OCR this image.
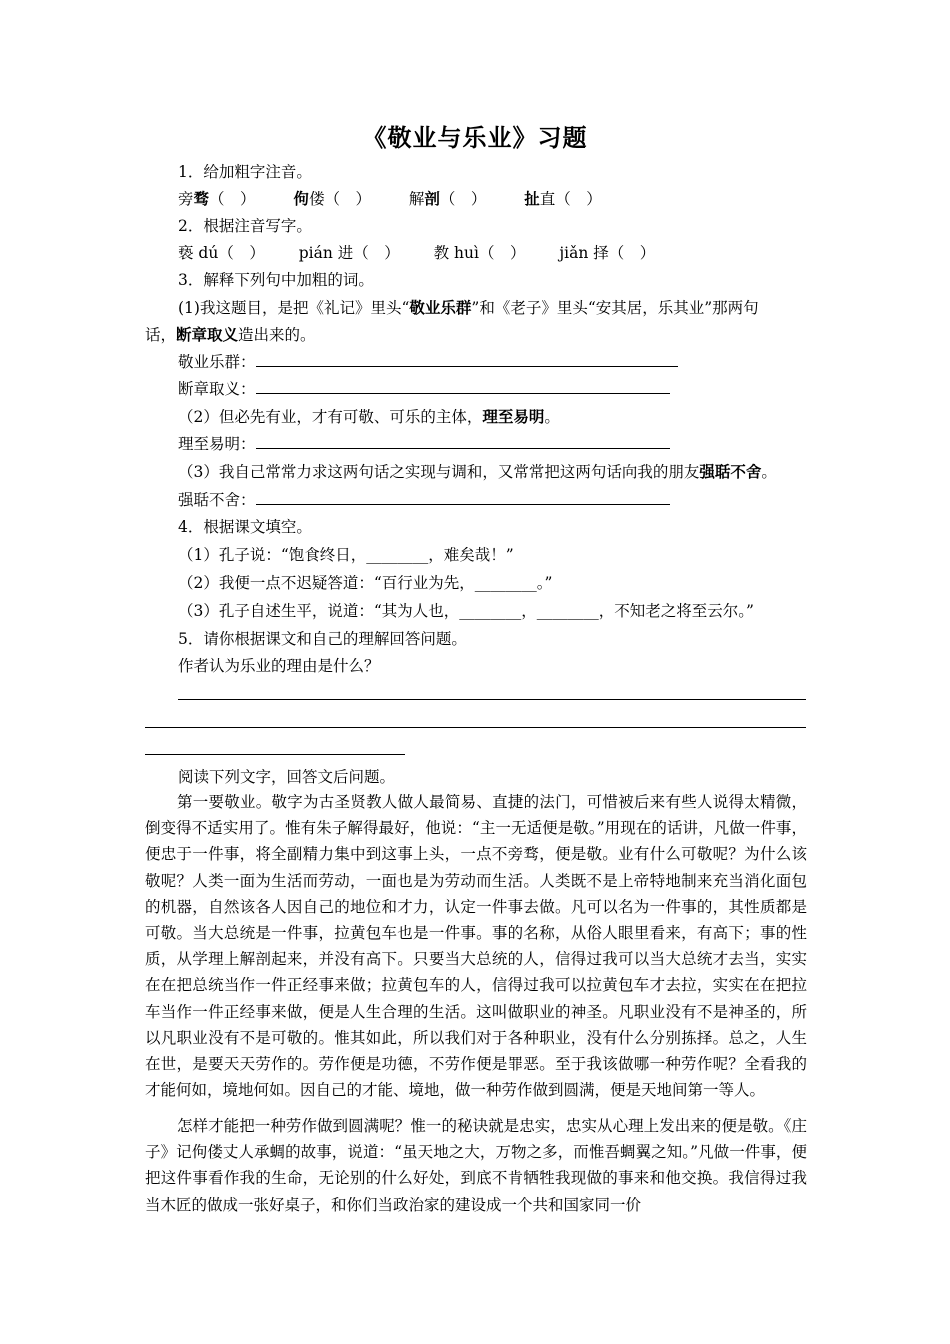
《敬业与乐业》习题
1．给加粗字注音。
旁骛（　） 佝偻（　） 解剖（　） 扯直（　）
2．根据注音写字。
亵 dú（　） pián 进（　） 教 huì（　） jiǎn 择（　）
3．解释下列句中加粗的词。
(1)我这题目，是把《礼记》里头“敬业乐群”和《老子》里头“安其居，乐其业”那两句
话，断章取义造出来的。
敬业乐群：
断章取义：
（2）但必先有业，才有可敬、可乐的主体，理至易明。
理至易明：
（3）我自己常常力求这两句话之实现与调和，又常常把这两句话向我的朋友强聒不舍。
强聒不舍：
4．根据课文填空。
（1）孔子说：“饱食终日，________，难矣哉！”
（2）我便一点不迟疑答道：“百行业为先，________。”
（3）孔子自述生平，说道：“其为人也，________，________，不知老之将至云尔。”
5．请你根据课文和自己的理解回答问题。
作者认为乐业的理由是什么？
阅读下列文字，回答文后问题。
第一要敬业。敬字为古圣贤教人做人最简易、直捷的法门，可惜被后来有些人说得太精微，倒变得不适实用了。惟有朱子解得最好，他说：“主一无适便是敬。”用现在的话讲，凡做一件事，便忠于一件事，将全副精力集中到这事上头，一点不旁骛，便是敬。业有什么可敬呢？为什么该敬呢？人类一面为生活而劳动，一面也是为劳动而生活。人类既不是上帝特地制来充当消化面包的机器，自然该各人因自己的地位和才力，认定一件事去做。凡可以名为一件事的，其性质都是可敬。当大总统是一件事，拉黄包车也是一件事。事的名称，从俗人眼里看来，有高下；事的性质，从学理上解剖起来，并没有高下。只要当大总统的人，信得过我可以当大总统才去当，实实在在把总统当作一件正经事来做；拉黄包车的人，信得过我可以拉黄包车才去拉，实实在在把拉车当作一件正经事来做，便是人生合理的生活。这叫做职业的神圣。凡职业没有不是神圣的，所以凡职业没有不是可敬的。惟其如此，所以我们对于各种职业，没有什么分别拣择。总之，人生在世，是要天天劳作的。劳作便是功德，不劳作便是罪恶。至于我该做哪一种劳作呢？全看我的才能何如，境地何如。因自己的才能、境地，做一种劳作做到圆满，便是天地间第一等人。
怎样才能把一种劳作做到圆满呢？惟一的秘诀就是忠实，忠实从心理上发出来的便是敬。《庄子》记佝偻丈人承蜩的故事，说道：“虽天地之大，万物之多，而惟吾蜩翼之知。”凡做一件事，便把这件事看作我的生命，无论别的什么好处，到底不肯牺牲我现做的事来和他交换。我信得过我当木匠的做成一张好桌子，和你们当政治家的建设成一个共和国家同一价
